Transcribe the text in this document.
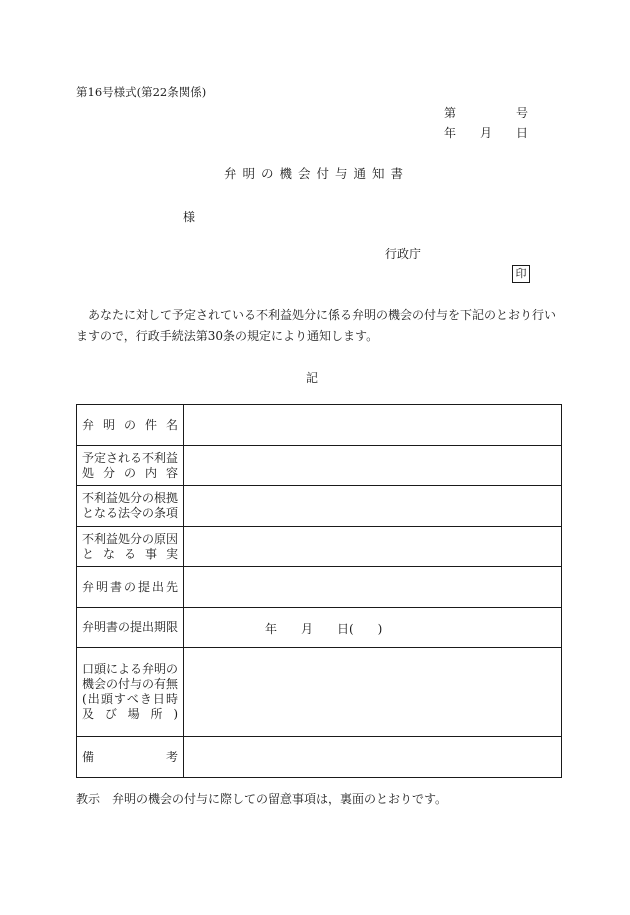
第16号様式(第22条関係)
第	号
年 月 日
弁明の機会付与通知書
様
行政庁
印

あなたに対して予定されている不利益処分に係る弁明の機会の付与を下記のとおり行い

ますので，行政手続法第30条の規定により通知します。

記
弁明の件名	

予定される不利益
処分の内容	

不利益処分の根拠
となる法令の条項	

不利益処分の原因
となる事実	

弁明書の提出先	

弁明書の提出期限	年 月 日(　　)

口頭による弁明の
機会の付与の有無
(出頭すべき日時
及び場所)	

備考	

教示　弁明の機会の付与に際しての留意事項は，裏面のとおりです。
